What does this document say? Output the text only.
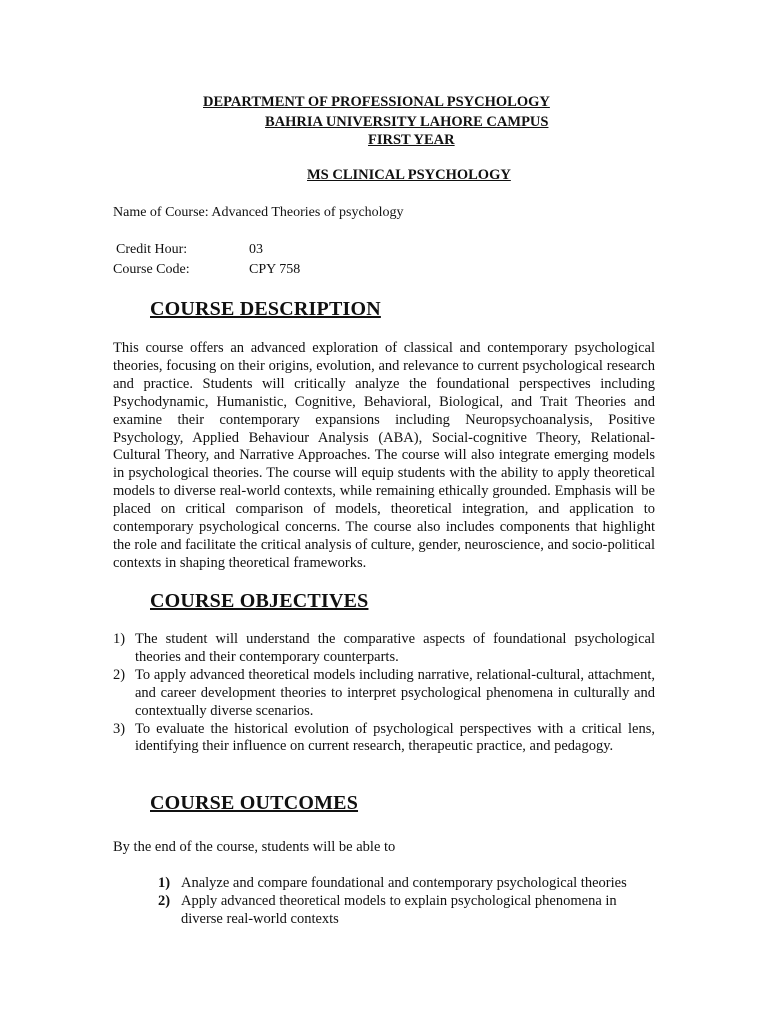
DEPARTMENT OF PROFESSIONAL PSYCHOLOGY
BAHRIA UNIVERSITY LAHORE CAMPUS
FIRST YEAR
MS CLINICAL PSYCHOLOGY
Name of Course: Advanced Theories of psychology
Credit Hour:	03
Course Code:	CPY 758
COURSE DESCRIPTION
This course offers an advanced exploration of classical and contemporary psychological theories, focusing on their origins, evolution, and relevance to current psychological research and practice. Students will critically analyze the foundational perspectives including Psychodynamic, Humanistic, Cognitive, Behavioral, Biological, and Trait Theories and examine their contemporary expansions including Neuropsychoanalysis, Positive Psychology, Applied Behaviour Analysis (ABA), Social-cognitive Theory, Relational-Cultural Theory, and Narrative Approaches. The course will also integrate emerging models in psychological theories. The course will equip students with the ability to apply theoretical models to diverse real-world contexts, while remaining ethically grounded. Emphasis will be placed on critical comparison of models, theoretical integration, and application to contemporary psychological concerns. The course also includes components that highlight the role and facilitate the critical analysis of culture, gender, neuroscience, and socio-political contexts in shaping theoretical frameworks.
COURSE OBJECTIVES
1) The student will understand the comparative aspects of foundational psychological theories and their contemporary counterparts.
2) To apply advanced theoretical models including narrative, relational-cultural, attachment, and career development theories to interpret psychological phenomena in culturally and contextually diverse scenarios.
3) To evaluate the historical evolution of psychological perspectives with a critical lens, identifying their influence on current research, therapeutic practice, and pedagogy.
COURSE OUTCOMES
By the end of the course, students will be able to
1) Analyze and compare foundational and contemporary psychological theories
2) Apply advanced theoretical models to explain psychological phenomena in diverse real-world contexts
